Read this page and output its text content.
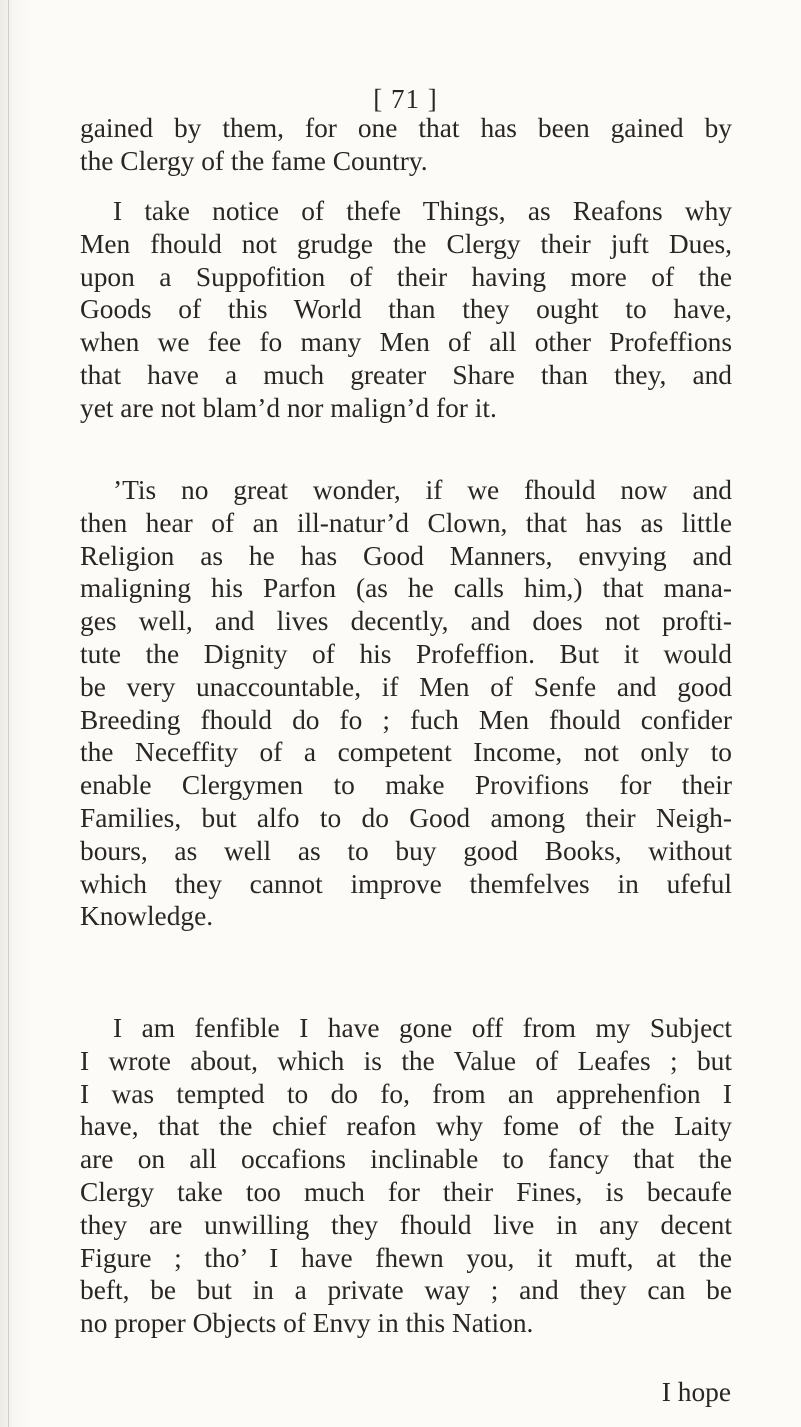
[ 71 ]
gained by them, for one that has been gained by
the Clergy of the fame Country.
I take notice of thefe Things, as Reafons why
Men fhould not grudge the Clergy their juft Dues,
upon a Suppofition of their having more of the
Goods of this World than they ought to have,
when we fee fo many Men of all other Profeffions
that have a much greater Share than they, and
yet are not blam’d nor malign’d for it.
’Tis no great wonder, if we fhould now and
then hear of an ill-natur’d Clown, that has as little
Religion as he has Good Manners, envying and
maligning his Parfon (as he calls him,) that mana-
ges well, and lives decently, and does not profti-
tute the Dignity of his Profeffion. But it would
be very unaccountable, if Men of Senfe and good
Breeding fhould do fo ; fuch Men fhould confider
the Neceffity of a competent Income, not only to
enable Clergymen to make Provifions for their
Families, but alfo to do Good among their Neigh-
bours, as well as to buy good Books, without
which they cannot improve themfelves in ufeful
Knowledge.
I am fenfible I have gone off from my Subject
I wrote about, which is the Value of Leafes ; but
I was tempted to do fo, from an apprehenfion I
have, that the chief reafon why fome of the Laity
are on all occafions inclinable to fancy that the
Clergy take too much for their Fines, is becaufe
they are unwilling they fhould live in any decent
Figure ; tho’ I have fhewn you, it muft, at the
beft, be but in a private way ; and they can be
no proper Objects of Envy in this Nation.
I hope
